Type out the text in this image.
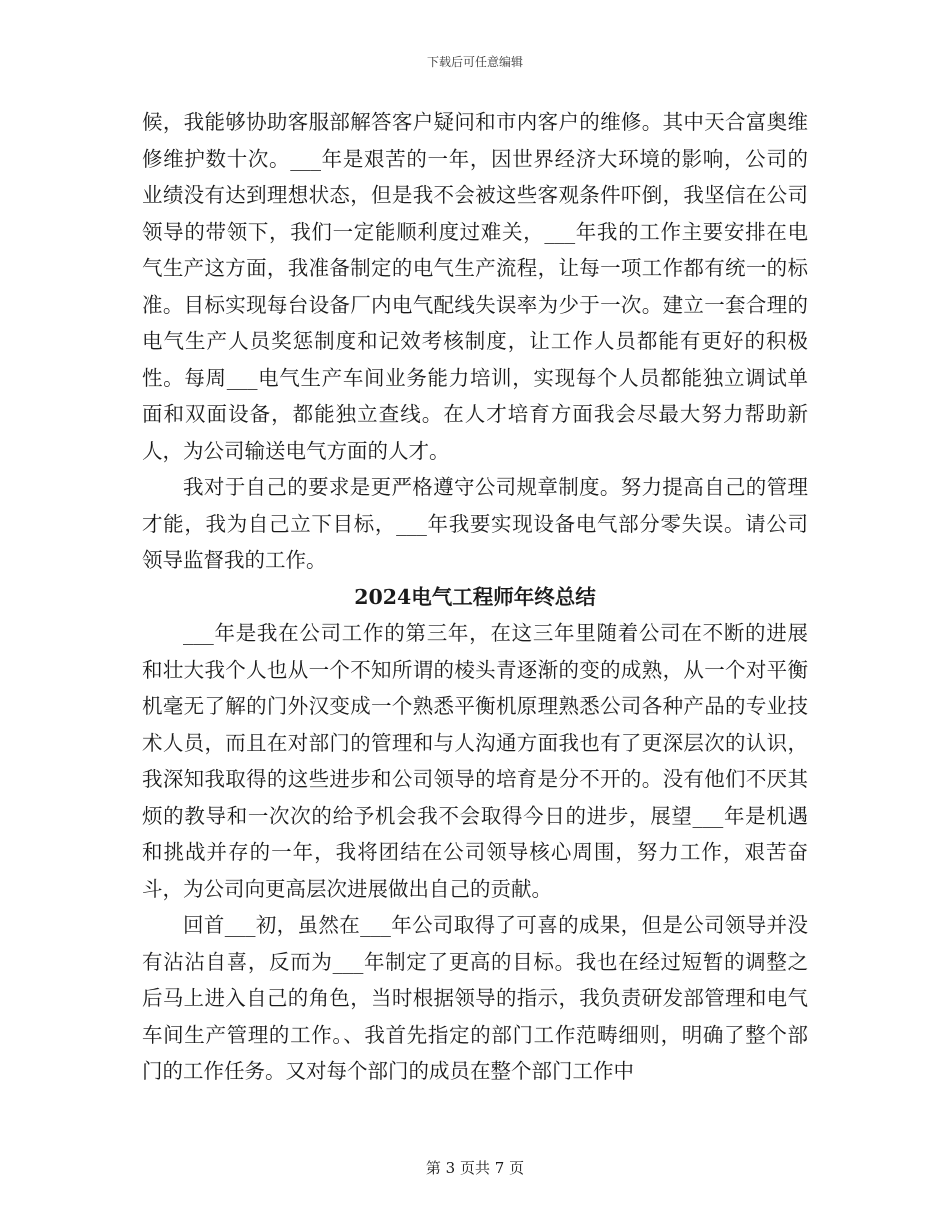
下载后可任意编辑

候，我能够协助客服部解答客户疑问和市内客户的维修。其中天合富奥维修维护数十次。___年是艰苦的一年，因世界经济大环境的影响，公司的业绩没有达到理想状态，但是我不会被这些客观条件吓倒，我坚信在公司领导的带领下，我们一定能顺利度过难关，___年我的工作主要安排在电气生产这方面，我准备制定的电气生产流程，让每一项工作都有统一的标准。目标实现每台设备厂内电气配线失误率为少于一次。建立一套合理的电气生产人员奖惩制度和记效考核制度，让工作人员都能有更好的积极性。每周___电气生产车间业务能力培训，实现每个人员都能独立调试单面和双面设备，都能独立查线。在人才培育方面我会尽最大努力帮助新人，为公司输送电气方面的人才。

我对于自己的要求是更严格遵守公司规章制度。努力提高自己的管理才能，我为自己立下目标，___年我要实现设备电气部分零失误。请公司领导监督我的工作。

2024电气工程师年终总结

___年是我在公司工作的第三年，在这三年里随着公司在不断的进展和壮大我个人也从一个不知所谓的棱头青逐渐的变的成熟，从一个对平衡机毫无了解的门外汉变成一个熟悉平衡机原理熟悉公司各种产品的专业技术人员，而且在对部门的管理和与人沟通方面我也有了更深层次的认识，我深知我取得的这些进步和公司领导的培育是分不开的。没有他们不厌其烦的教导和一次次的给予机会我不会取得今日的进步，展望___年是机遇和挑战并存的一年，我将团结在公司领导核心周围，努力工作，艰苦奋斗，为公司向更高层次进展做出自己的贡献。

回首___初，虽然在___年公司取得了可喜的成果，但是公司领导并没有沾沾自喜，反而为___年制定了更高的目标。我也在经过短暂的调整之后马上进入自己的角色，当时根据领导的指示，我负责研发部管理和电气车间生产管理的工作。、我首先指定的部门工作范畴细则，明确了整个部门的工作任务。又对每个部门的成员在整个部门工作中

第 3 页共 7 页
